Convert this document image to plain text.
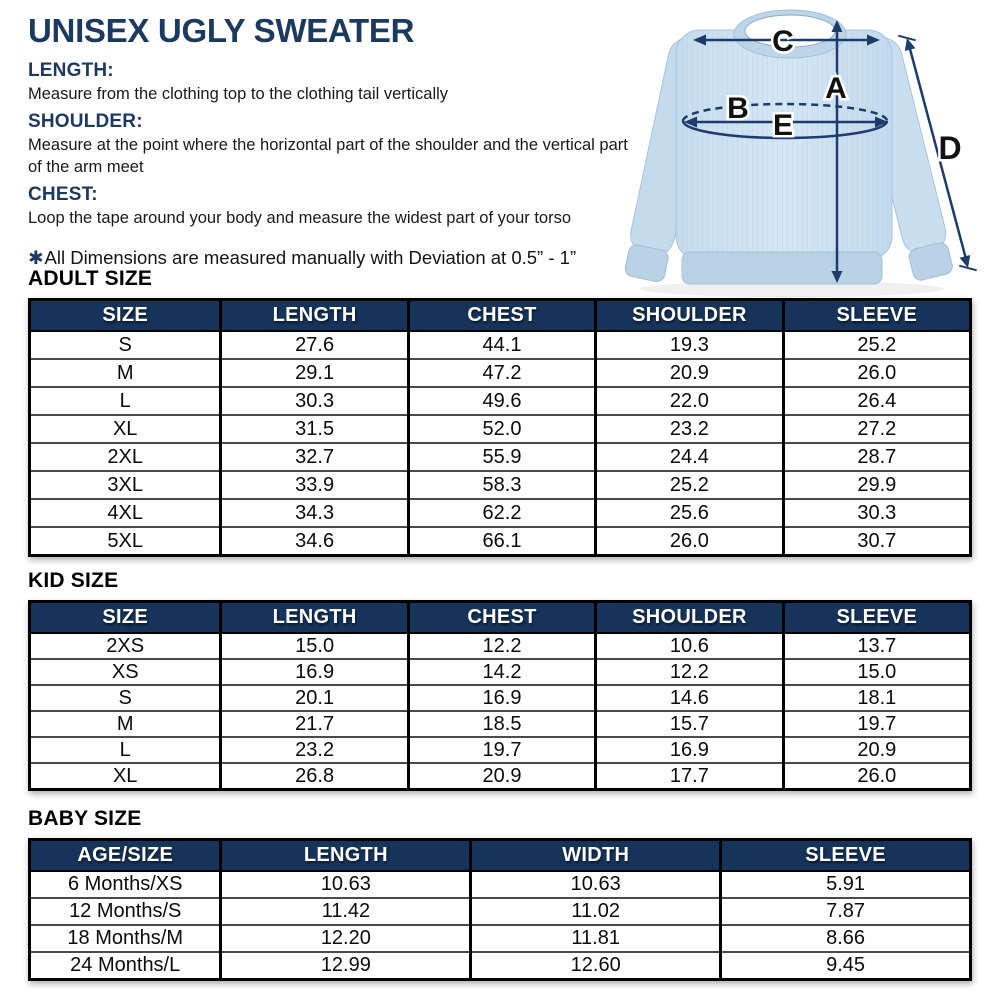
UNISEX UGLY SWEATER
LENGTH:

Measure from the clothing top to the clothing tail vertically

SHOULDER:

Measure at the point where the horizontal part of the shoulder and the vertical part of the arm meet

CHEST:

Loop the tape around your body and measure the widest part of your torso

✱All Dimensions are measured manually with Deviation at 0.5” - 1”

C
A
B
E
D
ADULT SIZE
SIZE	LENGTH	CHEST	SHOULDER	SLEEVE
S	27.6	44.1	19.3	25.2
M	29.1	47.2	20.9	26.0
L	30.3	49.6	22.0	26.4
XL	31.5	52.0	23.2	27.2
2XL	32.7	55.9	24.4	28.7
3XL	33.9	58.3	25.2	29.9
4XL	34.3	62.2	25.6	30.3
5XL	34.6	66.1	26.0	30.7
KID SIZE
SIZE	LENGTH	CHEST	SHOULDER	SLEEVE
2XS	15.0	12.2	10.6	13.7
XS	16.9	14.2	12.2	15.0
S	20.1	16.9	14.6	18.1
M	21.7	18.5	15.7	19.7
L	23.2	19.7	16.9	20.9
XL	26.8	20.9	17.7	26.0
BABY SIZE
AGE/SIZE	LENGTH	WIDTH	SLEEVE
6 Months/XS	10.63	10.63	5.91
12 Months/S	11.42	11.02	7.87
18 Months/M	12.20	11.81	8.66
24 Months/L	12.99	12.60	9.45
